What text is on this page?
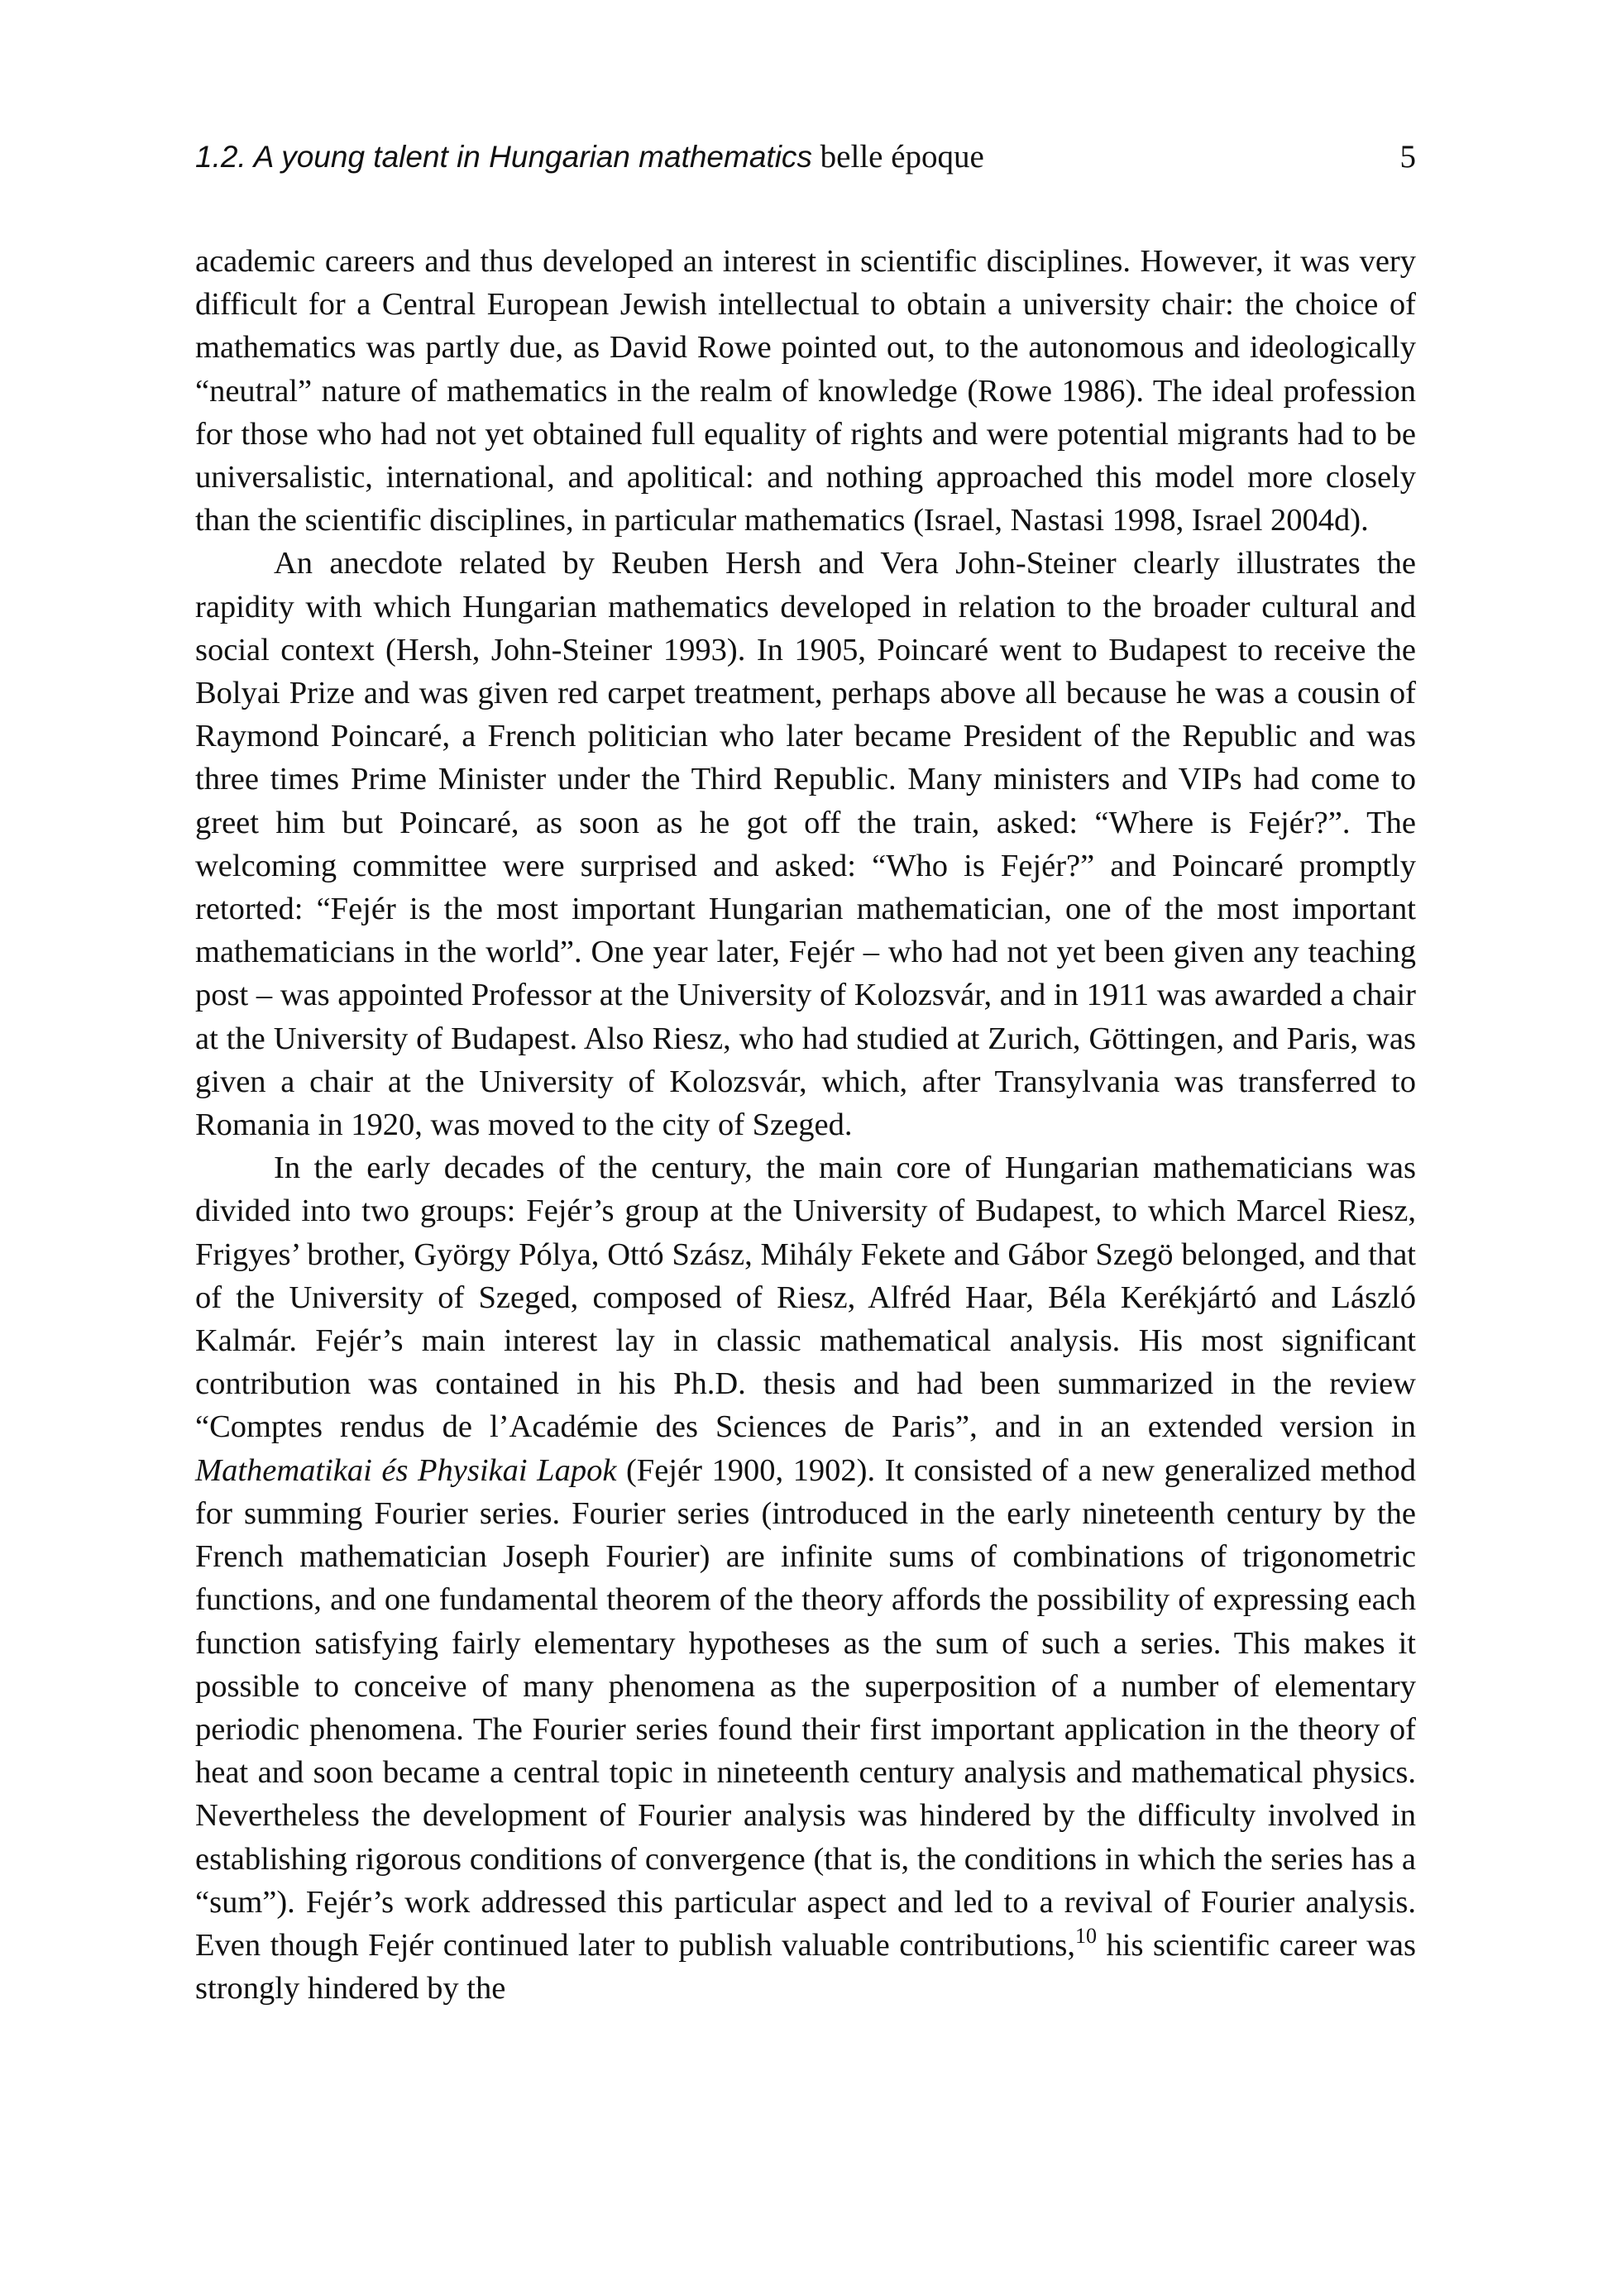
1.2. A young talent in Hungarian mathematics belle époque	5

academic careers and thus developed an interest in scientific disciplines. However, it was very difficult for a Central European Jewish intellectual to obtain a university chair: the choice of mathematics was partly due, as David Rowe pointed out, to the autonomous and ideologically “neutral” nature of mathematics in the realm of knowledge (Rowe 1986). The ideal profession for those who had not yet obtained full equality of rights and were potential migrants had to be universalistic, international, and apolitical: and nothing approached this model more closely than the scientific disciplines, in particular mathematics (Israel, Nastasi 1998, Israel 2004d).

An anecdote related by Reuben Hersh and Vera John-Steiner clearly illustrates the rapidity with which Hungarian mathematics developed in relation to the broader cultural and social context (Hersh, John-Steiner 1993). In 1905, Poincaré went to Budapest to receive the Bolyai Prize and was given red carpet treatment, perhaps above all because he was a cousin of Raymond Poincaré, a French politician who later became President of the Republic and was three times Prime Minister under the Third Republic. Many ministers and VIPs had come to greet him but Poincaré, as soon as he got off the train, asked: “Where is Fejér?”. The welcoming committee were surprised and asked: “Who is Fejér?” and Poincaré promptly retorted: “Fejér is the most important Hungarian mathematician, one of the most important mathematicians in the world”. One year later, Fejér – who had not yet been given any teaching post – was appointed Professor at the University of Kolozsvár, and in 1911 was awarded a chair at the University of Budapest. Also Riesz, who had studied at Zurich, Göttingen, and Paris, was given a chair at the University of Kolozsvár, which, after Transylvania was transferred to Romania in 1920, was moved to the city of Szeged.

In the early decades of the century, the main core of Hungarian mathematicians was divided into two groups: Fejér’s group at the University of Budapest, to which Marcel Riesz, Frigyes’ brother, György Pólya, Ottó Szász, Mihály Fekete and Gábor Szegö belonged, and that of the University of Szeged, composed of Riesz, Alfréd Haar, Béla Kerékjártó and László Kalmár. Fejér’s main interest lay in classic mathematical analysis. His most significant contribution was contained in his Ph.D. thesis and had been summarized in the review “Comptes rendus de l’Académie des Sciences de Paris”, and in an extended version in Mathematikai és Physikai Lapok (Fejér 1900, 1902). It consisted of a new generalized method for summing Fourier series. Fourier series (introduced in the early nineteenth century by the French mathematician Joseph Fourier) are infinite sums of combinations of trigonometric functions, and one fundamental theorem of the theory affords the possibility of expressing each function satisfying fairly elementary hypotheses as the sum of such a series. This makes it possible to conceive of many phenomena as the superposition of a number of elementary periodic phenomena. The Fourier series found their first important application in the theory of heat and soon became a central topic in nineteenth century analysis and mathematical physics. Nevertheless the development of Fourier analysis was hindered by the difficulty involved in establishing rigorous conditions of convergence (that is, the conditions in which the series has a “sum”). Fejér’s work addressed this particular aspect and led to a revival of Fourier analysis. Even though Fejér continued later to publish valuable contributions,$^{10}$ his scientific career was strongly hindered by the
